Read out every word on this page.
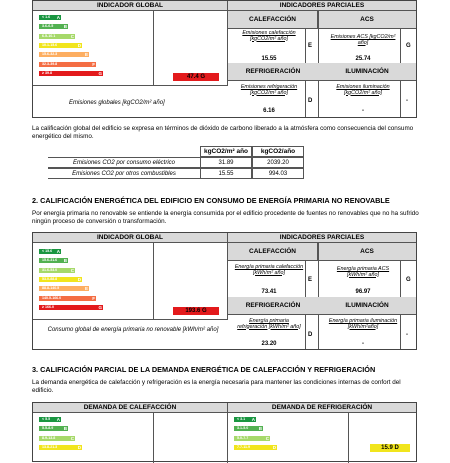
INDICADOR GLOBAL	INDICADORES PARCIALES
< 1.6 A
3.6-6.5 B
6.5-10.1	C
10.1-15.6	D
15.6-32.3	E
32.3-39.8	F
≥ 39.8	G
47.4 G
Emisiones globales [kgCO2/m² año]
CALEFACCIÓN	ACS
Emisiones calefacción [kgCO2/m² año]
E
15.55
Emisiones ACS [kgCO2/m² año]
G
25.74
REFRIGERACIÓN	ILUMINACIÓN
Emisiones refrigeración [kgCO2/m² año]
D
6.16
Emisiones iluminación [kgCO2/m² año]
-
-
La calificación global del edificio se expresa en términos de dióxido de carbono liberado a la atmósfera como consecuencia del consumo energético del mismo.
kgCO2/m² año	kgCO2/año
Emisiones CO2 por consumo eléctrico	31.89	2039.20
Emisiones CO2 por otros combustibles	15.55	994.03
2. CALIFICACIÓN ENERGÉTICA DEL EDIFICIO EN CONSUMO DE ENERGÍA PRIMARIA NO RENOVABLE
Por energía primaria no renovable se entiende la energía consumida por el edificio procedente de fuentes no renovables que no ha sufrido ningún proceso de conversión o transformación.
INDICADOR GLOBAL	INDICADORES PARCIALES
< 15.6 A
15.6-31.6 B
31.6-53.0	C
53.0-88.8	D
88.8-140.5	E
140.5-166.0	F
≥ 166.0	G
193.6 G
Consumo global de energía primaria no renovable [kWh/m² año]
CALEFACCIÓN	ACS
Energía primaria calefacción [kWh/m² año]
E
73.41
Energía primaria ACS [kWh/m² año]
G
96.97
REFRIGERACIÓN	ILUMINACIÓN
Energía primaria refrigeración [kWh/m² año]
D
23.20
Energía primaria iluminación [kWh/m²año]
-
-
3. CALIFICACIÓN PARCIAL DE LA DEMANDA ENERGÉTICA DE CALEFACCIÓN Y REFRIGERACIÓN
La demanda energética de calefacción y refrigeración es la energía necesaria para mantener las condiciones internas de confort del edificio.
DEMANDA DE CALEFACCIÓN	DEMANDA DE REFRIGERACIÓN
< 5.5 A
5.5-8.9 B
8.9-13.8	C
13.8-21.3	D
< 3.1 A
3.1-5.0 B
5.0-7.7	C
7.7-11.9	D	15.9 D
